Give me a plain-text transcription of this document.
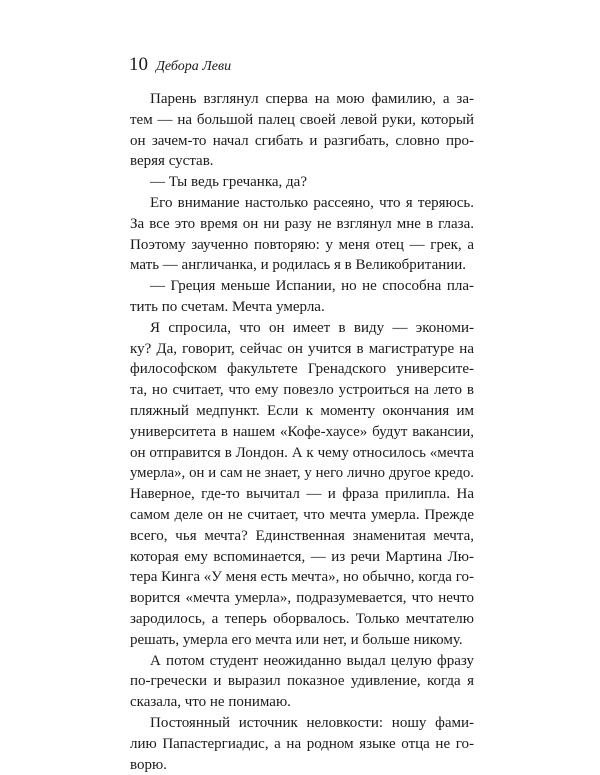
10 Дебора Леви
Парень взглянул сперва на мою фамилию, а за-
тем — на большой палец своей левой руки, который
он зачем-то начал сгибать и разгибать, словно про-
веряя сустав.
— Ты ведь гречанка, да?
Его внимание настолько рассеяно, что я теряюсь.
За все это время он ни разу не взглянул мне в глаза.
Поэтому заученно повторяю: у меня отец — грек, а
мать — англичанка, и родилась я в Великобритании.
— Греция меньше Испании, но не способна пла-
тить по счетам. Мечта умерла.
Я спросила, что он имеет в виду — экономи-
ку? Да, говорит, сейчас он учится в магистратуре на
философском факультете Гренадского университе-
та, но считает, что ему повезло устроиться на лето в
пляжный медпункт. Если к моменту окончания им
университета в нашем «Кофе-хаусе» будут вакансии,
он отправится в Лондон. А к чему относилось «мечта
умерла», он и сам не знает, у него лично другое кредо.
Наверное, где-то вычитал — и фраза прилипла. На
самом деле он не считает, что мечта умерла. Прежде
всего, чья мечта? Единственная знаменитая мечта,
которая ему вспоминается, — из речи Мартина Лю-
тера Кинга «У меня есть мечта», но обычно, когда го-
ворится «мечта умерла», подразумевается, что нечто
зародилось, а теперь оборвалось. Только мечтателю
решать, умерла его мечта или нет, и больше никому.
А потом студент неожиданно выдал целую фразу
по-гречески и выразил показное удивление, когда я
сказала, что не понимаю.
Постоянный источник неловкости: ношу фами-
лию Папастергиадис, а на родном языке отца не го-
ворю.
